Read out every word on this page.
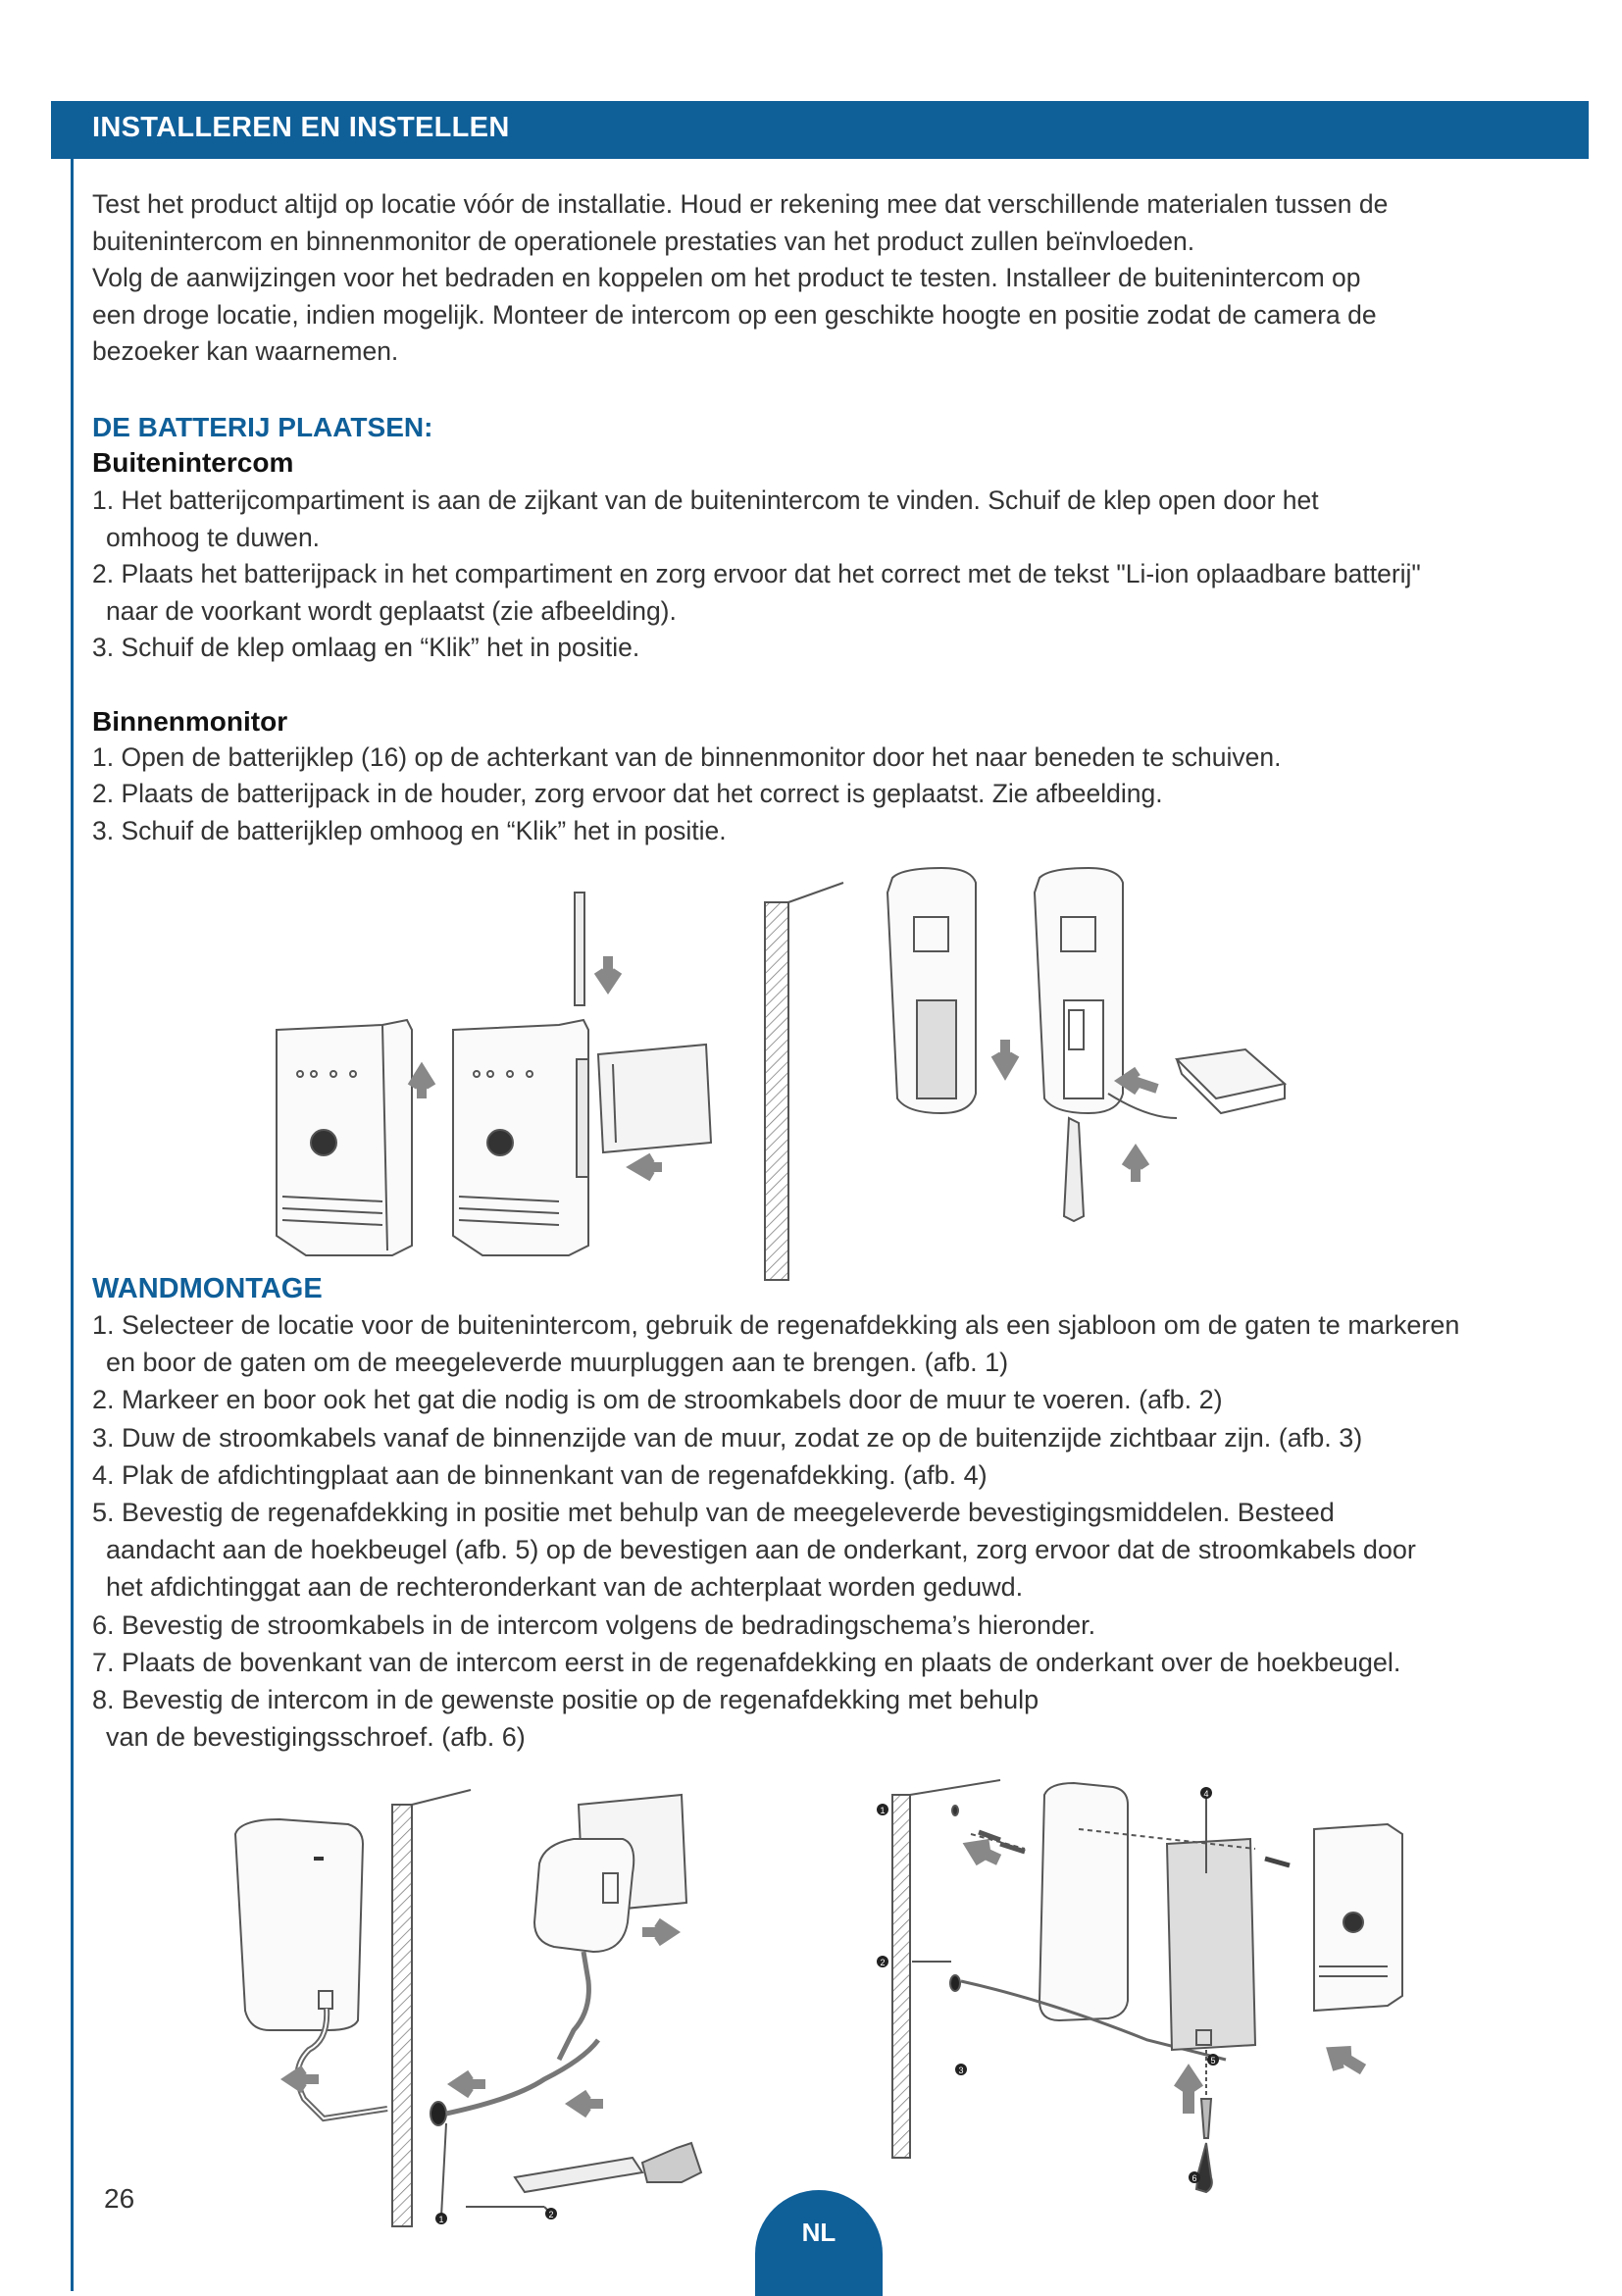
INSTALLEREN EN INSTELLEN

Test het product altijd op locatie vóór de installatie. Houd er rekening mee dat verschillende materialen tussen de

buitenintercom en binnenmonitor de operationele prestaties van het product zullen beïnvloeden.

Volg de aanwijzingen voor het bedraden en koppelen om het product te testen. Installeer de buitenintercom op

een droge locatie, indien mogelijk. Monteer de intercom op een geschikte hoogte en positie zodat de camera de

bezoeker kan waarnemen.

DE BATTERIJ PLAATSEN:

Buitenintercom

1. Het batterijcompartiment is aan de zijkant van de buitenintercom te vinden. Schuif de klep open door het
omhoog te duwen.
2. Plaats het batterijpack in het compartiment en zorg ervoor dat het correct met de tekst "Li-ion oplaadbare batterij"
naar de voorkant wordt geplaatst (zie afbeelding).
3. Schuif de klep omlaag en “Klik” het in positie.

Binnenmonitor

1. Open de batterijklep (16) op de achterkant van de binnenmonitor door het naar beneden te schuiven.
2. Plaats de batterijpack in de houder, zorg ervoor dat het correct is geplaatst. Zie afbeelding.
3. Schuif de batterijklep omhoog en “Klik” het in positie.

WANDMONTAGE

1. Selecteer de locatie voor de buitenintercom, gebruik de regenafdekking als een sjabloon om de gaten te markeren
en boor de gaten om de meegeleverde muurpluggen aan te brengen. (afb. 1)
2. Markeer en boor ook het gat die nodig is om de stroomkabels door de muur te voeren. (afb. 2)
3. Duw de stroomkabels vanaf de binnenzijde van de muur, zodat ze op de buitenzijde zichtbaar zijn. (afb. 3)
4. Plak de afdichtingplaat aan de binnenkant van de regenafdekking. (afb. 4)
5. Bevestig de regenafdekking in positie met behulp van de meegeleverde bevestigingsmiddelen. Besteed
aandacht aan de hoekbeugel (afb. 5) op de bevestigen aan de onderkant, zorg ervoor dat de stroomkabels door
het afdichtinggat aan de rechteronderkant van de achterplaat worden geduwd.
6. Bevestig de stroomkabels in de intercom volgens de bedradingschema’s hieronder.
7. Plaats de bovenkant van de intercom eerst in de regenafdekking en plaats de onderkant over de hoekbeugel.
8. Bevestig de intercom in de gewenste positie op de regenafdekking met behulp
van de bevestigingsschroef. (afb. 6)
1	2
1
2
3
4
5
6
26
NL
